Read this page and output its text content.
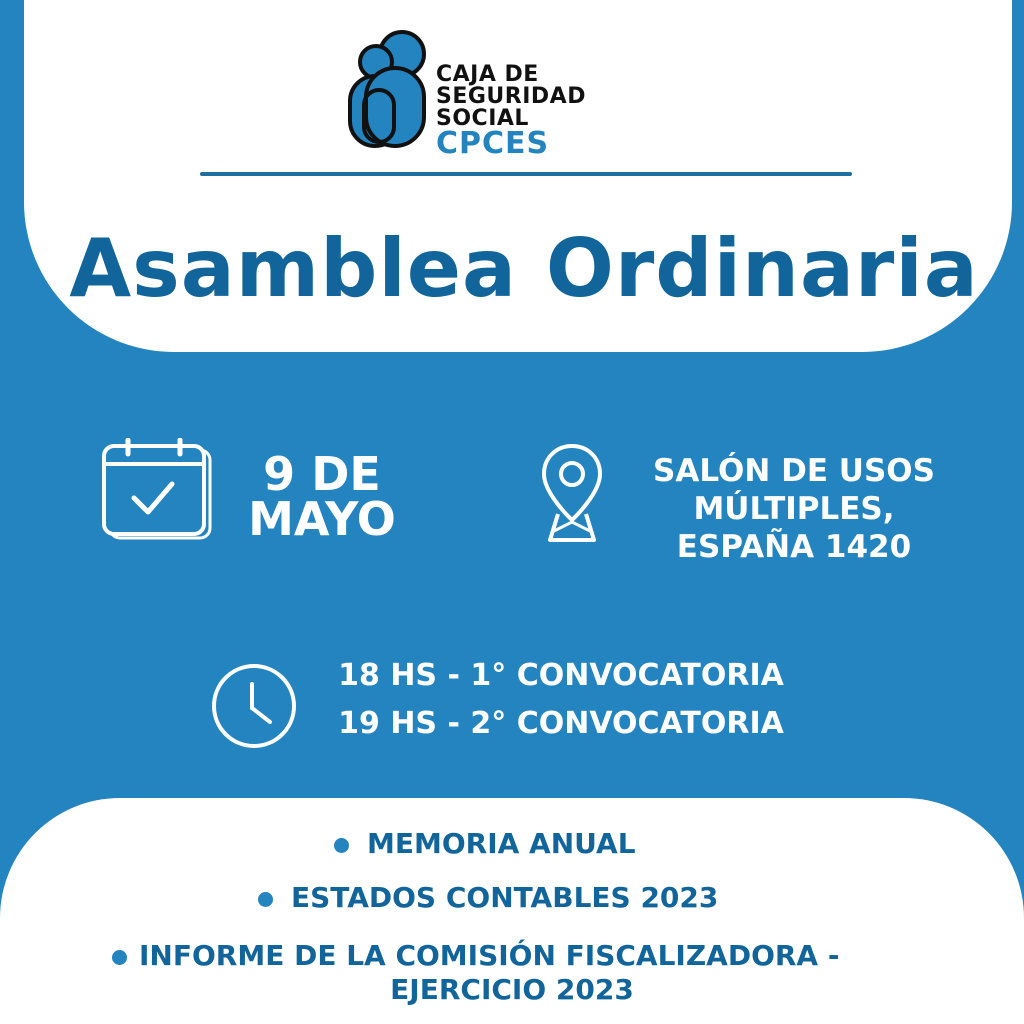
CAJA DE
SEGURIDAD SOCIAL
CPCES
Asamblea Ordinaria
9 DE
MAYO
SALÓN DE USOS
MÚLTIPLES,
ESPAÑA 1420
18 HS - 1° CONVOCATORIA
19 HS - 2° CONVOCATORIA
MEMORIA ANUAL
ESTADOS CONTABLES 2023
INFORME DE LA COMISIÓN FISCALIZADORA -
EJERCICIO 2023
